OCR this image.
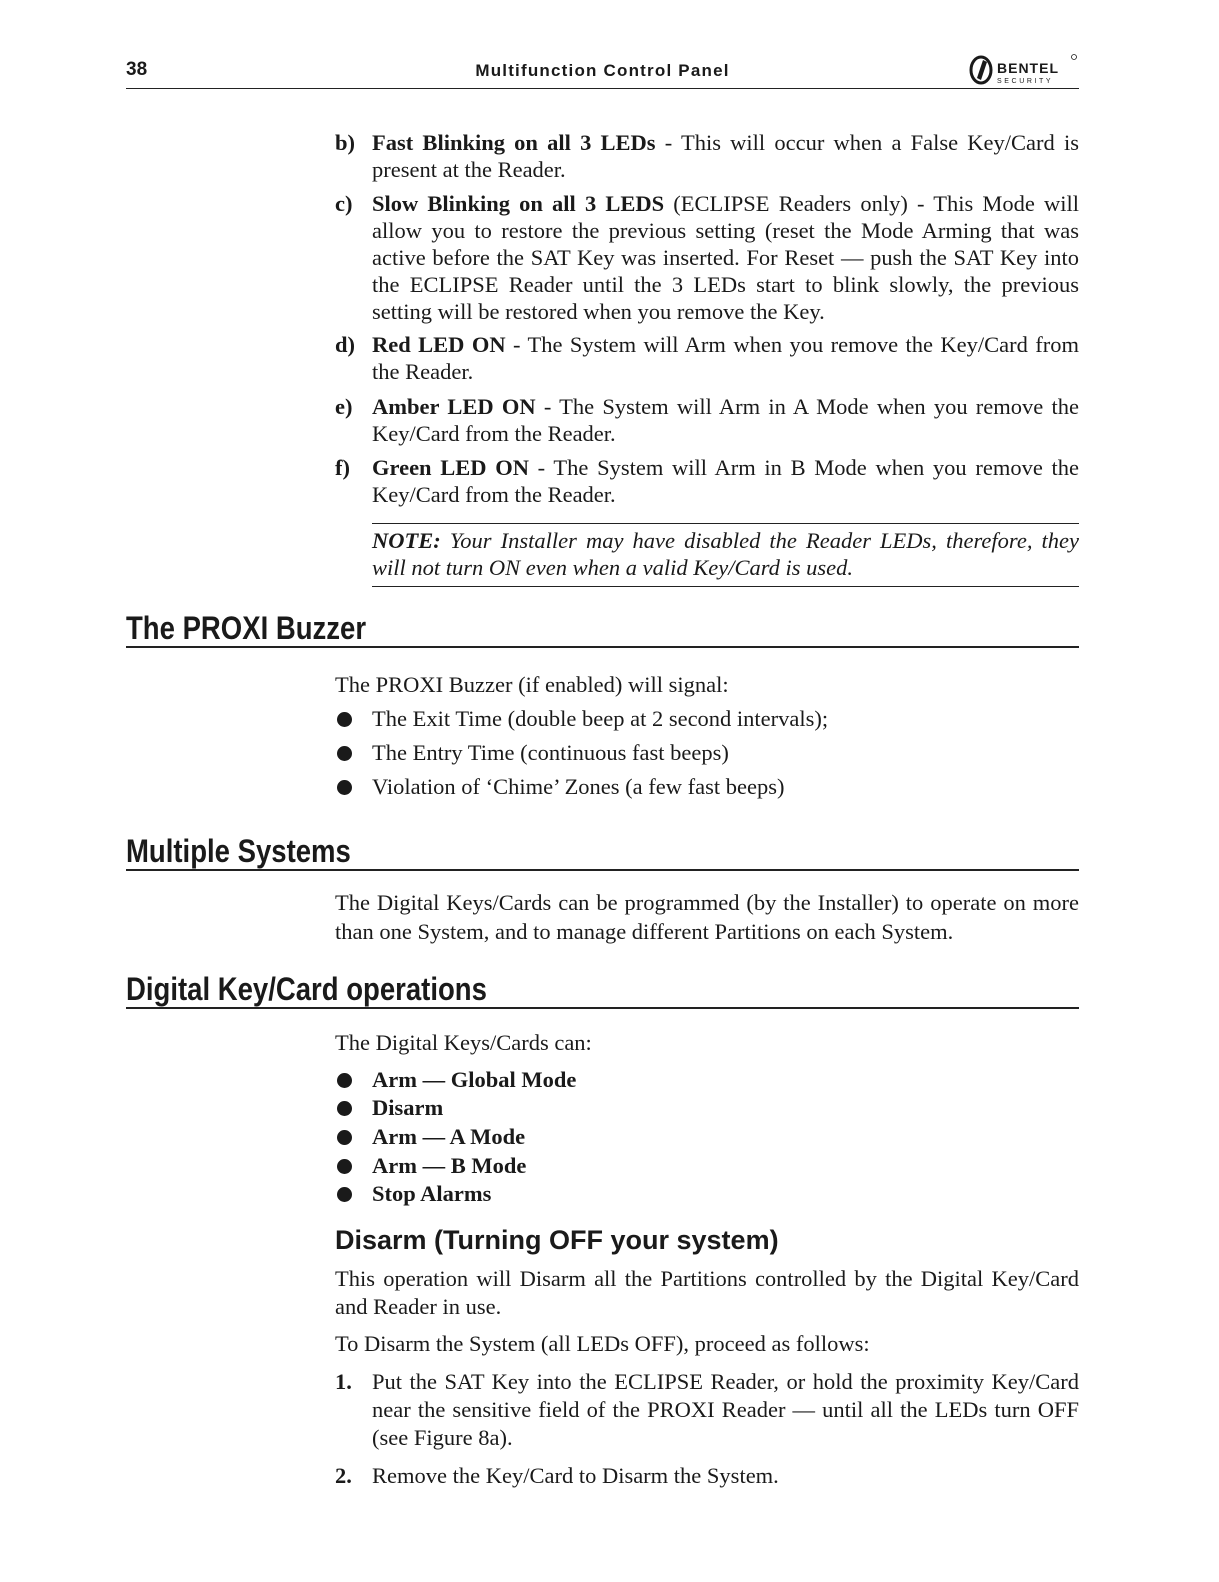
38	Multifunction Control Panel	BENTEL
SECURITY
b) Fast Blinking on all 3 LEDs - This will occur when a False Key/Card is present at the Reader.
c) Slow Blinking on all 3 LEDS (ECLIPSE Readers only) - This Mode will allow you to restore the previous setting (reset the Mode Arming that was active before the SAT Key was inserted. For Reset — push the SAT Key into the ECLIPSE Reader until the 3 LEDs start to blink slowly, the previous setting will be restored when you remove the Key.
d) Red LED ON - The System will Arm when you remove the Key/Card from the Reader.
e) Amber LED ON - The System will Arm in A Mode when you remove the Key/Card from the Reader.
f) Green LED ON - The System will Arm in B Mode when you remove the Key/Card from the Reader.

NOTE: Your Installer may have disabled the Reader LEDs, therefore, they will not turn ON even when a valid Key/Card is used.

The PROXI Buzzer
The PROXI Buzzer (if enabled) will signal:
The Exit Time (double beep at 2 second intervals);
The Entry Time (continuous fast beeps)
Violation of ‘Chime’ Zones (a few fast beeps)
Multiple Systems
The Digital Keys/Cards can be programmed (by the Installer) to operate on more than one System, and to manage different Partitions on each System.
Digital Key/Card operations
The Digital Keys/Cards can:
Arm — Global Mode
Disarm
Arm — A Mode
Arm — B Mode
Stop Alarms
Disarm (Turning OFF your system)
This operation will Disarm all the Partitions controlled by the Digital Key/Card and Reader in use.
To Disarm the System (all LEDs OFF), proceed as follows:
1. Put the SAT Key into the ECLIPSE Reader, or hold the proximity Key/Card near the sensitive field of the PROXI Reader — until all the LEDs turn OFF (see Figure 8a).
2. Remove the Key/Card to Disarm the System.
